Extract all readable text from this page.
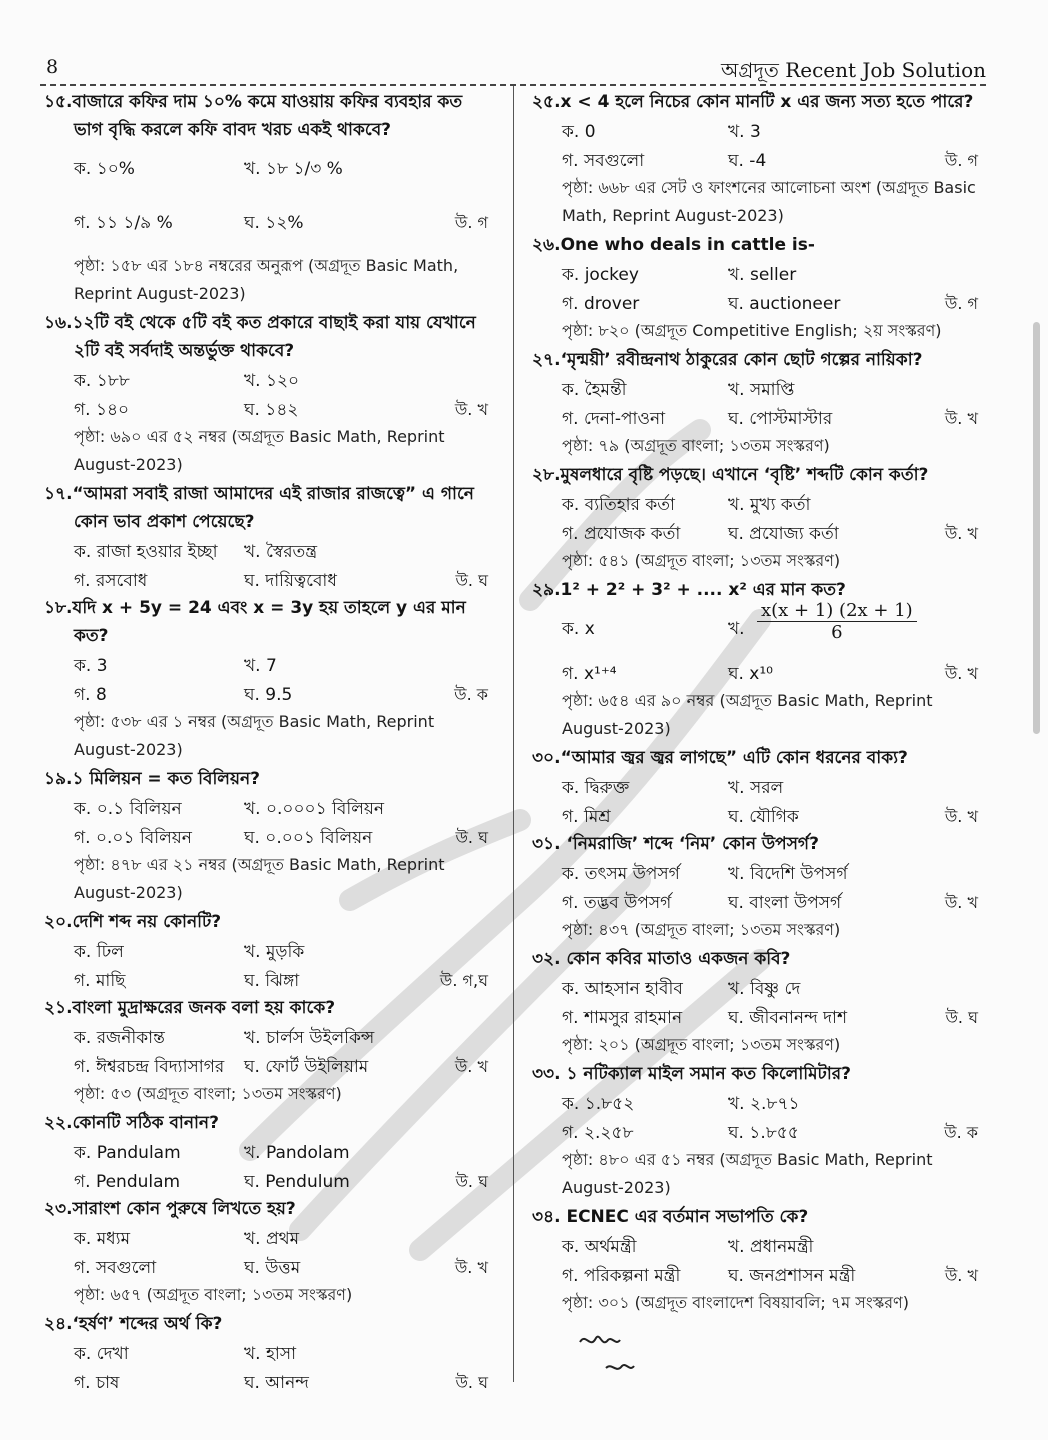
8	অগ্রদূত Recent Job Solution

১৫.বাজারে কফির দাম ১০% কমে যাওয়ায় কফির ব্যবহার কত ভাগ বৃদ্ধি করলে কফি বাবদ খরচ একই থাকবে?

ক. ১০%	খ. ১৮ ১/৩ %
গ. ১১ ১/৯ %	ঘ. ১২%	উ. গ

পৃষ্ঠা: ১৫৮ এর ১৮৪ নম্বরের অনুরূপ (অগ্রদূত Basic Math, Reprint August-2023)

১৬.১২টি বই থেকে ৫টি বই কত প্রকারে বাছাই করা যায় যেখানে ২টি বই সর্বদাই অন্তর্ভুক্ত থাকবে?

ক. ১৮৮	খ. ১২০
গ. ১৪০	ঘ. ১৪২	উ. খ

পৃষ্ঠা: ৬৯০ এর ৫২ নম্বর (অগ্রদূত Basic Math, Reprint August-2023)

১৭.“আমরা সবাই রাজা আমাদের এই রাজার রাজত্বে” এ গানে কোন ভাব প্রকাশ পেয়েছে?

ক. রাজা হওয়ার ইচ্ছা খ. স্বৈরতন্ত্র
গ. রসবোধ	ঘ. দায়িত্ববোধ	উ. ঘ

১৮.যদি x + 5y = 24 এবং x = 3y হয় তাহলে y এর মান কত?

ক. 3	খ. 7
গ. 8	ঘ. 9.5	উ. ক

পৃষ্ঠা: ৫৩৮ এর ১ নম্বর (অগ্রদূত Basic Math, Reprint August-2023)

১৯.১ মিলিয়ন = কত বিলিয়ন?

ক. ০.১ বিলিয়ন	খ. ০.০০০১ বিলিয়ন
গ. ০.০১ বিলিয়ন	ঘ. ০.০০১ বিলিয়ন	উ. ঘ

পৃষ্ঠা: ৪৭৮ এর ২১ নম্বর (অগ্রদূত Basic Math, Reprint August-2023)

২০.দেশি শব্দ নয় কোনটি?

ক. ঢিল	খ. মুড়কি
গ. মাছি	ঘ. ঝিঙ্গা	উ. গ,ঘ

২১.বাংলা মুদ্রাক্ষরের জনক বলা হয় কাকে?

ক. রজনীকান্ত	খ. চার্লস উইলকিন্স
গ. ঈশ্বরচন্দ্র বিদ্যাসাগর ঘ. ফোর্ট উইলিয়াম	উ. খ

পৃষ্ঠা: ৫৩ (অগ্রদূত বাংলা; ১৩তম সংস্করণ)

২২.কোনটি সঠিক বানান?

ক. Pandulam	খ. Pandolam
গ. Pendulam	ঘ. Pendulum	উ. ঘ

২৩.সারাংশ কোন পুরুষে লিখতে হয়?

ক. মধ্যম	খ. প্রথম
গ. সবগুলো	ঘ. উত্তম	উ. খ

পৃষ্ঠা: ৬৫৭ (অগ্রদূত বাংলা; ১৩তম সংস্করণ)

২৪.‘হর্ষণ’ শব্দের অর্থ কি?

ক. দেখা	খ. হাসা
গ. চাষ	ঘ. আনন্দ	উ. ঘ

২৫.x < 4 হলে নিচের কোন মানটি x এর জন্য সত্য হতে পারে?

ক. 0	খ. 3
গ. সবগুলো	ঘ. -4	উ. গ

পৃষ্ঠা: ৬৬৮ এর সেট ও ফাংশনের আলোচনা অংশ (অগ্রদূত Basic Math, Reprint August-2023)

২৬.One who deals in cattle is-

ক. jockey	খ. seller
গ. drover	ঘ. auctioneer	উ. গ

পৃষ্ঠা: ৮২০ (অগ্রদূত Competitive English; ২য় সংস্করণ)

২৭.‘মৃন্ময়ী’ রবীন্দ্রনাথ ঠাকুরের কোন ছোট গল্পের নায়িকা?

ক. হৈমন্তী	খ. সমাপ্তি
গ. দেনা-পাওনা	ঘ. পোস্টমাস্টার	উ. খ

পৃষ্ঠা: ৭৯ (অগ্রদূত বাংলা; ১৩তম সংস্করণ)

২৮.মুষলধারে বৃষ্টি পড়ছে। এখানে ‘বৃষ্টি’ শব্দটি কোন কর্তা?

ক. ব্যতিহার কর্তা	খ. মুখ্য কর্তা
গ. প্রযোজক কর্তা	ঘ. প্রযোজ্য কর্তা	উ. খ

পৃষ্ঠা: ৫৪১ (অগ্রদূত বাংলা; ১৩তম সংস্করণ)

২৯.1² + 2² + 3² + .... x² এর মান কত?

ক. x	খ. $\frac{x(x + 1) (2x + 1)}{6}$
গ. x¹⁺⁴	ঘ. x¹⁰	উ. খ

পৃষ্ঠা: ৬৫৪ এর ৯০ নম্বর (অগ্রদূত Basic Math, Reprint August-2023)

৩০.“আমার জ্বর জ্বর লাগছে” এটি কোন ধরনের বাক্য?

ক. দ্বিরুক্ত	খ. সরল
গ. মিশ্র	ঘ. যৌগিক	উ. খ

৩১. ‘নিমরাজি’ শব্দে ‘নিম’ কোন উপসর্গ?

ক. তৎসম উপসর্গ	খ. বিদেশি উপসর্গ
গ. তদ্ভব উপসর্গ	ঘ. বাংলা উপসর্গ	উ. খ

পৃষ্ঠা: ৪৩৭ (অগ্রদূত বাংলা; ১৩তম সংস্করণ)

৩২. কোন কবির মাতাও একজন কবি?

ক. আহসান হাবীব	খ. বিষ্ণু দে
গ. শামসুর রাহমান	ঘ. জীবনানন্দ দাশ	উ. ঘ

পৃষ্ঠা: ২০১ (অগ্রদূত বাংলা; ১৩তম সংস্করণ)

৩৩. ১ নটিক্যাল মাইল সমান কত কিলোমিটার?

ক. ১.৮৫২	খ. ২.৮৭১
গ. ২.২৫৮	ঘ. ১.৮৫৫	উ. ক

পৃষ্ঠা: ৪৮০ এর ৫১ নম্বর (অগ্রদূত Basic Math, Reprint August-2023)

৩৪. ECNEC এর বর্তমান সভাপতি কে?

ক. অর্থমন্ত্রী	খ. প্রধানমন্ত্রী
গ. পরিকল্পনা মন্ত্রী	ঘ. জনপ্রশাসন মন্ত্রী	উ. খ

পৃষ্ঠা: ৩০১ (অগ্রদূত বাংলাদেশ বিষয়াবলি; ৭ম সংস্করণ)
